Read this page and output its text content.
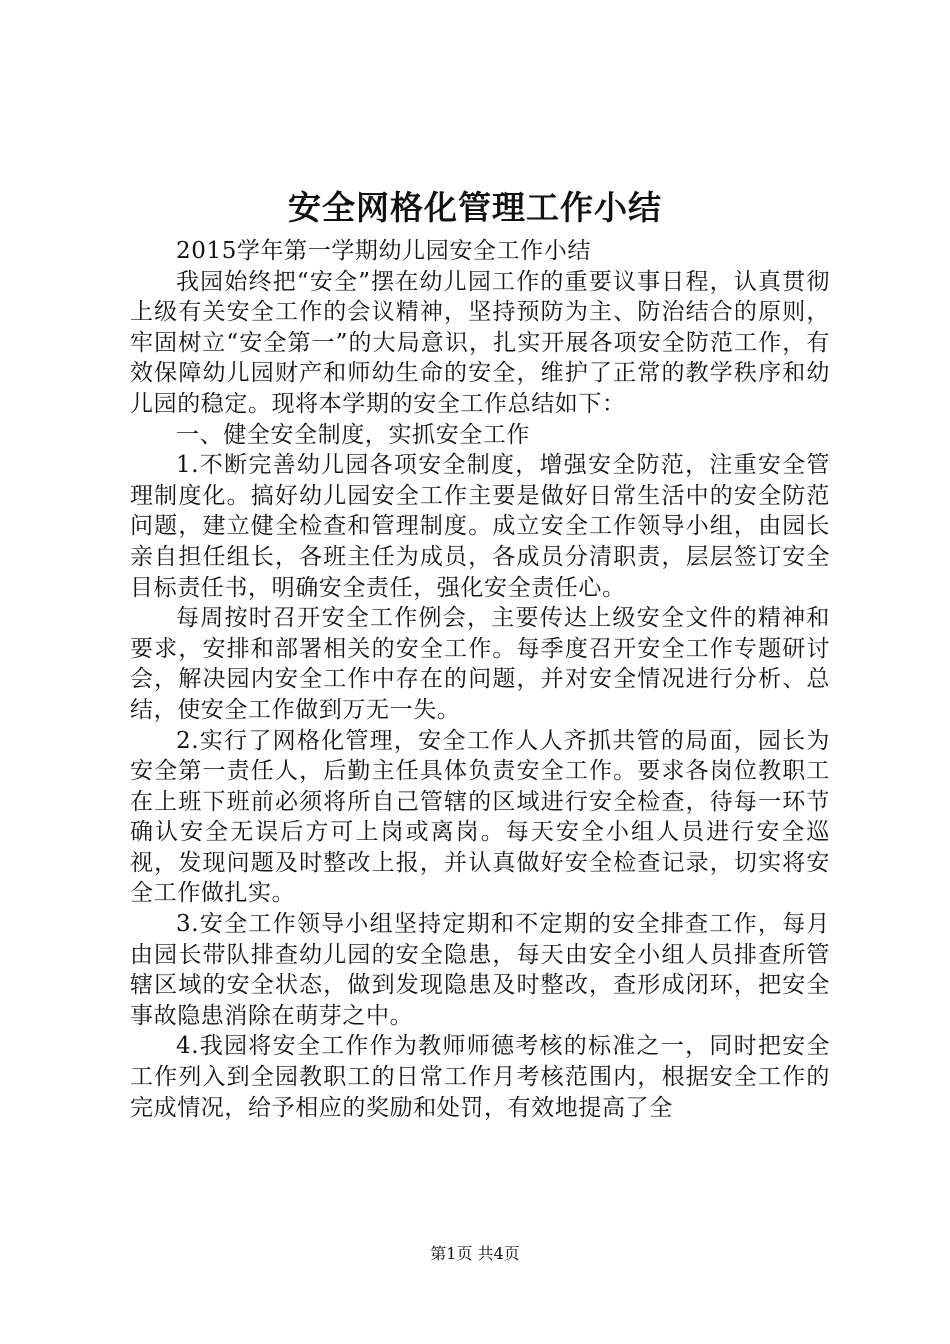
安全网格化管理工作小结

2015学年第一学期幼儿园安全工作小结

我园始终把“安全”摆在幼儿园工作的重要议事日程，认真贯彻上级有关安全工作的会议精神，坚持预防为主、防治结合的原则，牢固树立“安全第一”的大局意识，扎实开展各项安全防范工作，有效保障幼儿园财产和师幼生命的安全，维护了正常的教学秩序和幼儿园的稳定。现将本学期的安全工作总结如下：

一、健全安全制度，实抓安全工作

1.不断完善幼儿园各项安全制度，增强安全防范，注重安全管理制度化。搞好幼儿园安全工作主要是做好日常生活中的安全防范问题，建立健全检查和管理制度。成立安全工作领导小组，由园长亲自担任组长，各班主任为成员，各成员分清职责，层层签订安全目标责任书，明确安全责任，强化安全责任心。

每周按时召开安全工作例会，主要传达上级安全文件的精神和要求，安排和部署相关的安全工作。每季度召开安全工作专题研讨会，解决园内安全工作中存在的问题，并对安全情况进行分析、总结，使安全工作做到万无一失。

2.实行了网格化管理，安全工作人人齐抓共管的局面，园长为安全第一责任人，后勤主任具体负责安全工作。要求各岗位教职工在上班下班前必须将所自己管辖的区域进行安全检查，待每一环节确认安全无误后方可上岗或离岗。每天安全小组人员进行安全巡视，发现问题及时整改上报，并认真做好安全检查记录，切实将安全工作做扎实。

3.安全工作领导小组坚持定期和不定期的安全排查工作，每月由园长带队排查幼儿园的安全隐患，每天由安全小组人员排查所管辖区域的安全状态，做到发现隐患及时整改，查形成闭环，把安全事故隐患消除在萌芽之中。

4.我园将安全工作作为教师师德考核的标准之一，同时把安全工作列入到全园教职工的日常工作月考核范围内，根据安全工作的完成情况，给予相应的奖励和处罚，有效地提高了全

第1页 共4页
